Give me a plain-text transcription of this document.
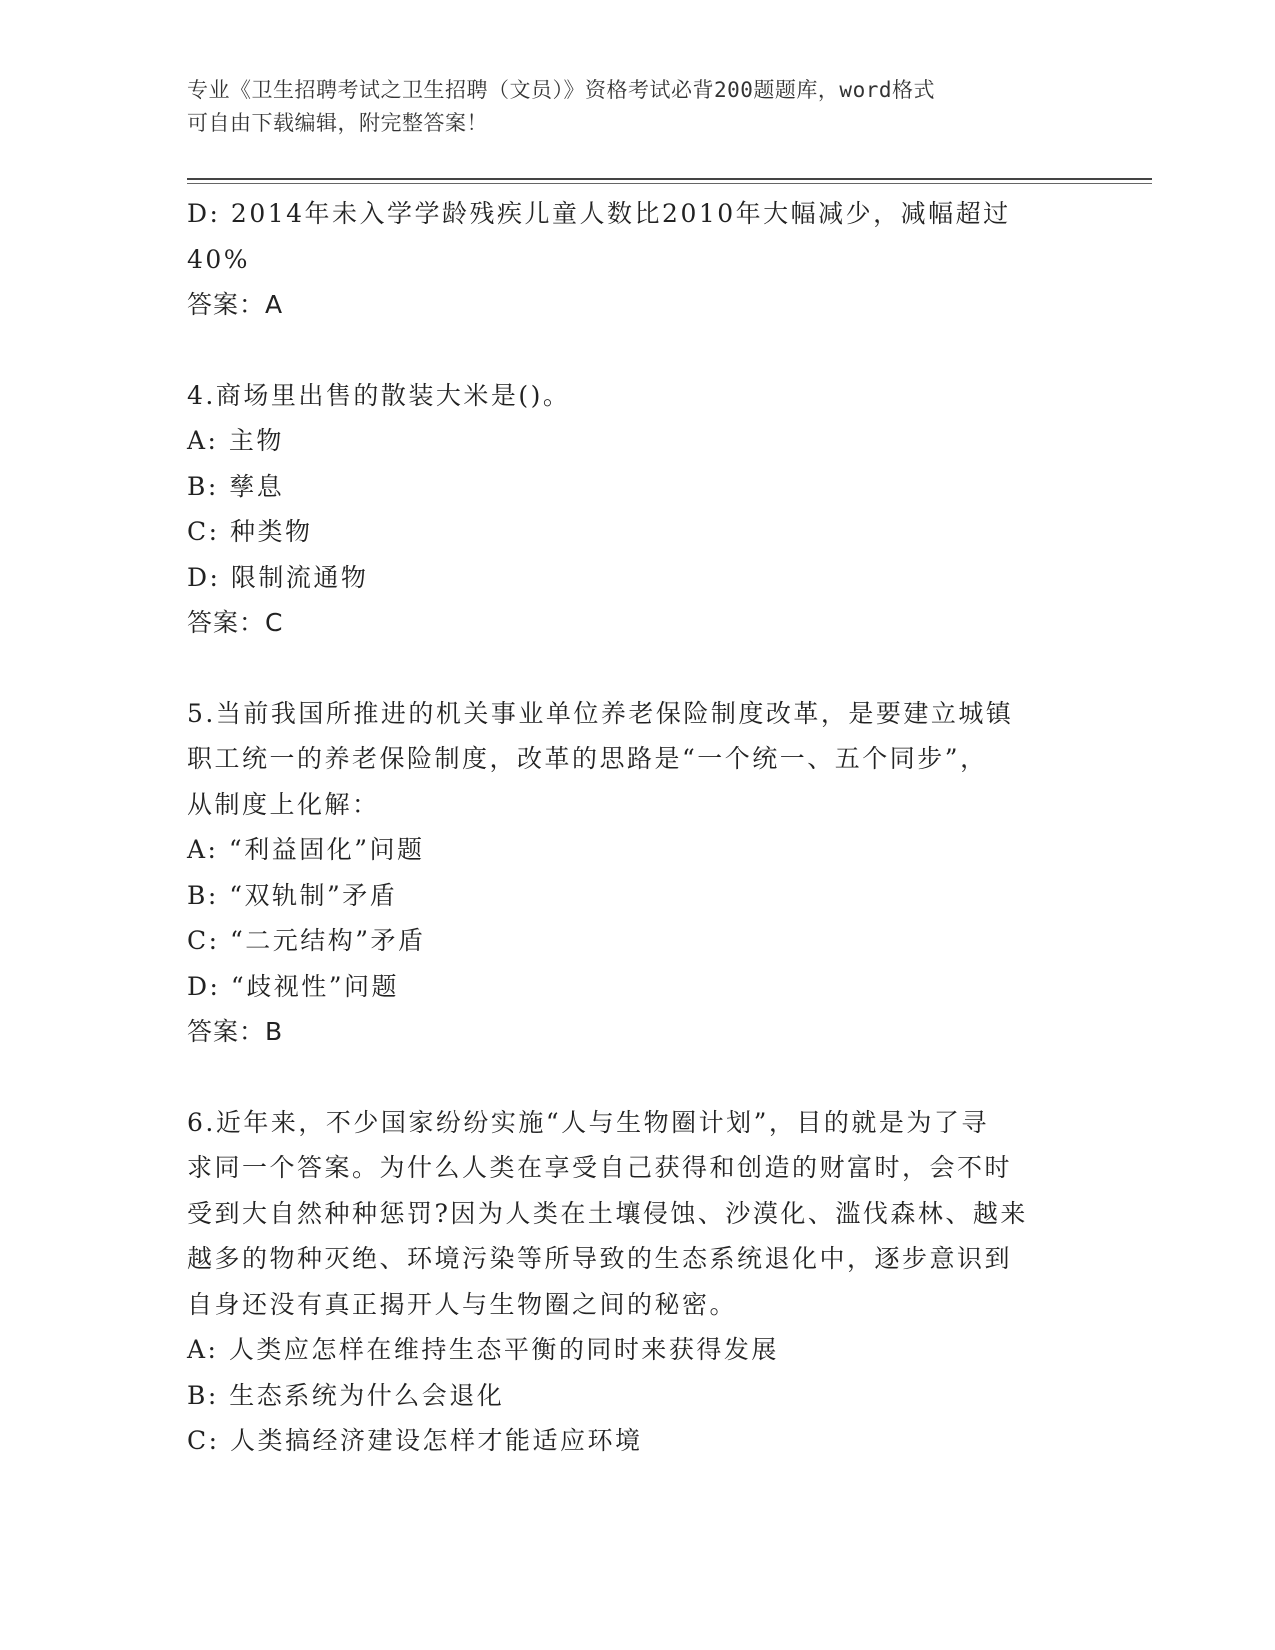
专业《卫生招聘考试之卫生招聘（文员）》资格考试必背200题题库，word格式
可自由下载编辑，附完整答案！

D: 2014年未入学学龄残疾儿童人数比2010年大幅减少，减幅超过

40%

答案：A

4.商场里出售的散装大米是()。

A: 主物

B: 孳息

C: 种类物

D: 限制流通物

答案：C

5.当前我国所推进的机关事业单位养老保险制度改革，是要建立城镇

职工统一的养老保险制度，改革的思路是“一个统一、五个同步”，

从制度上化解：

A: “利益固化”问题

B: “双轨制”矛盾

C: “二元结构”矛盾

D: “歧视性”问题

答案：B

6.近年来，不少国家纷纷实施“人与生物圈计划”，目的就是为了寻

求同一个答案。为什么人类在享受自己获得和创造的财富时，会不时

受到大自然种种惩罚?因为人类在土壤侵蚀、沙漠化、滥伐森林、越来

越多的物种灭绝、环境污染等所导致的生态系统退化中，逐步意识到

自身还没有真正揭开人与生物圈之间的秘密。

A: 人类应怎样在维持生态平衡的同时来获得发展

B: 生态系统为什么会退化

C: 人类搞经济建设怎样才能适应环境
